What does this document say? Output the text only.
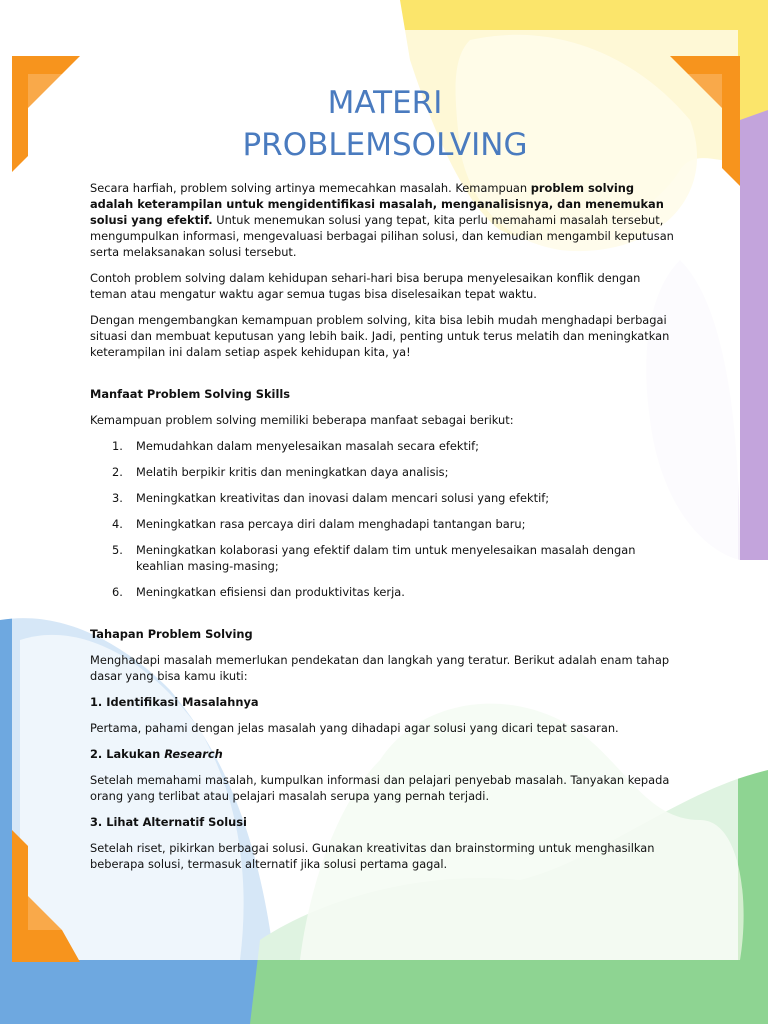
MATERI
PROBLEMSOLVING

Secara harfiah, problem solving artinya memecahkan masalah. Kemampuan problem solving adalah keterampilan untuk mengidentifikasi masalah, menganalisisnya, dan menemukan solusi yang efektif. Untuk menemukan solusi yang tepat, kita perlu memahami masalah tersebut, mengumpulkan informasi, mengevaluasi berbagai pilihan solusi, dan kemudian mengambil keputusan serta melaksanakan solusi tersebut.

Contoh problem solving dalam kehidupan sehari-hari bisa berupa menyelesaikan konflik dengan teman atau mengatur waktu agar semua tugas bisa diselesaikan tepat waktu.

Dengan mengembangkan kemampuan problem solving, kita bisa lebih mudah menghadapi berbagai situasi dan membuat keputusan yang lebih baik. Jadi, penting untuk terus melatih dan meningkatkan keterampilan ini dalam setiap aspek kehidupan kita, ya!

Manfaat Problem Solving Skills

Kemampuan problem solving memiliki beberapa manfaat sebagai berikut:

1. Memudahkan dalam menyelesaikan masalah secara efektif;
2. Melatih berpikir kritis dan meningkatkan daya analisis;
3. Meningkatkan kreativitas dan inovasi dalam mencari solusi yang efektif;
4. Meningkatkan rasa percaya diri dalam menghadapi tantangan baru;
5. Meningkatkan kolaborasi yang efektif dalam tim untuk menyelesaikan masalah dengan keahlian masing-masing;
6. Meningkatkan efisiensi dan produktivitas kerja.
Tahapan Problem Solving

Menghadapi masalah memerlukan pendekatan dan langkah yang teratur. Berikut adalah enam tahap dasar yang bisa kamu ikuti:

1. Identifikasi Masalahnya

Pertama, pahami dengan jelas masalah yang dihadapi agar solusi yang dicari tepat sasaran.

2. Lakukan Research

Setelah memahami masalah, kumpulkan informasi dan pelajari penyebab masalah. Tanyakan kepada orang yang terlibat atau pelajari masalah serupa yang pernah terjadi.

3. Lihat Alternatif Solusi

Setelah riset, pikirkan berbagai solusi. Gunakan kreativitas dan brainstorming untuk menghasilkan beberapa solusi, termasuk alternatif jika solusi pertama gagal.
